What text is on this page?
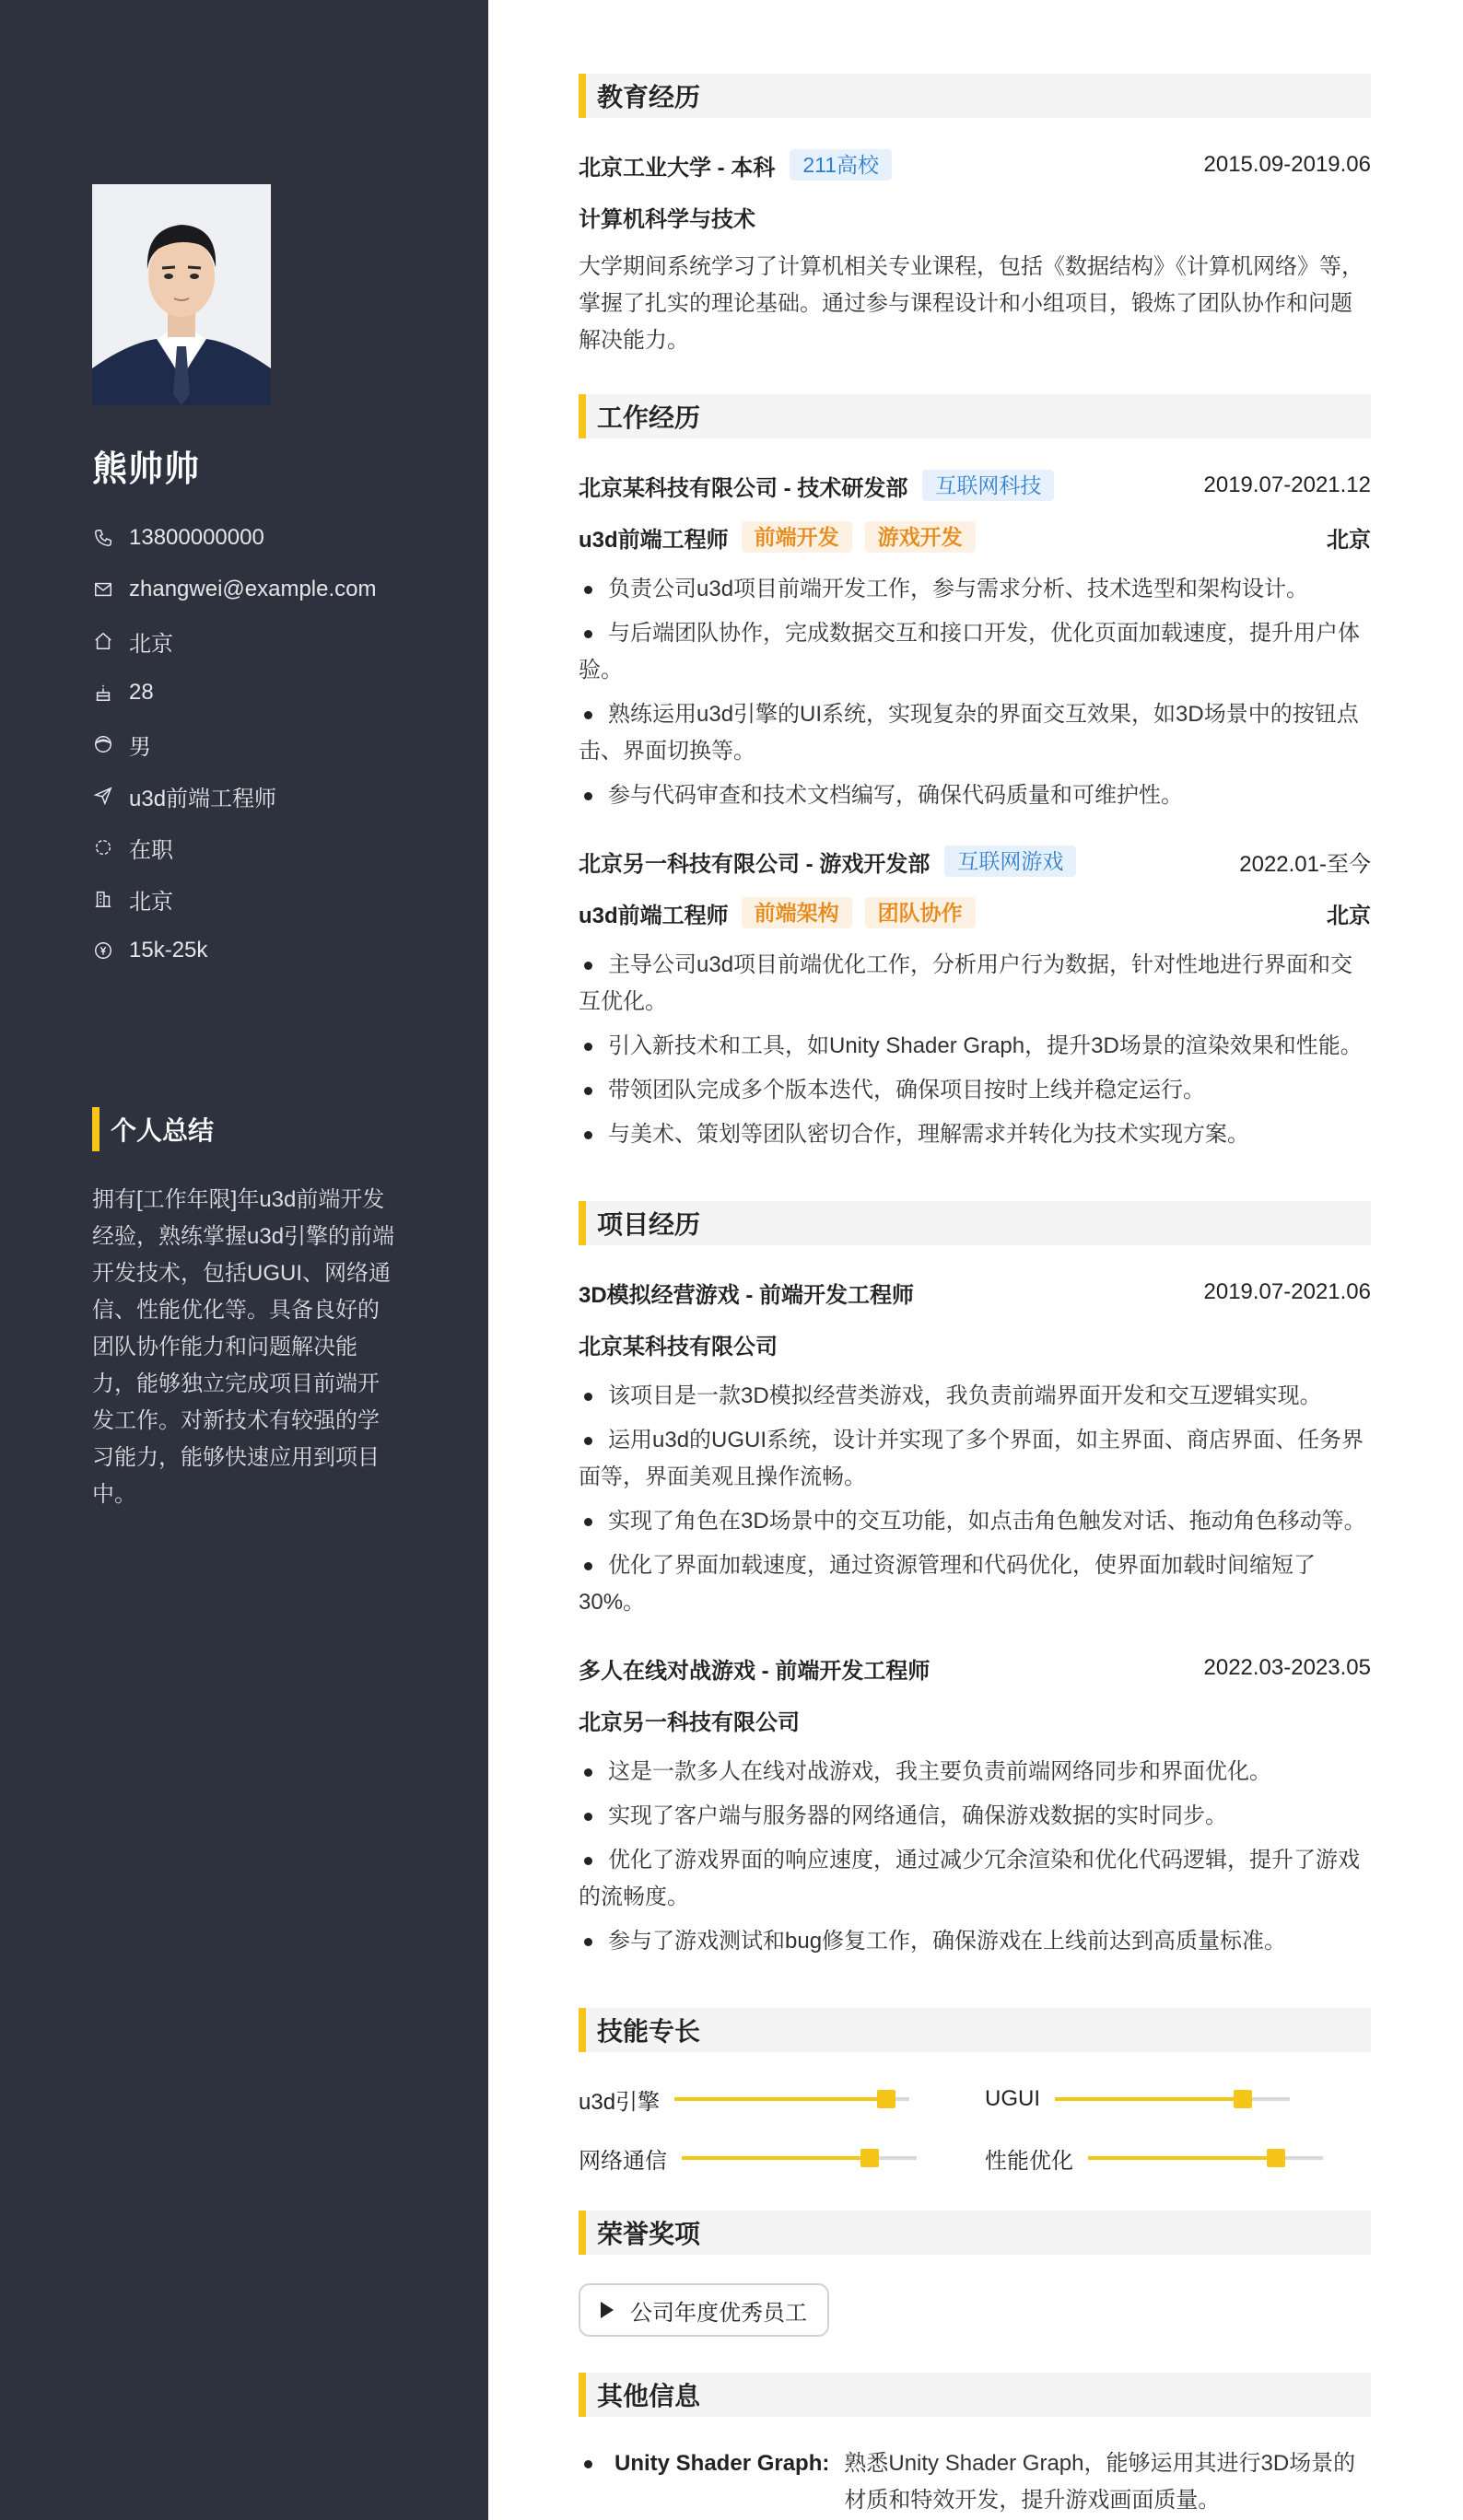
熊帅帅
13800000000
zhangwei@example.com
北京
28
男
u3d前端工程师
在职
北京
15k-25k
个人总结
拥有[工作年限]年u3d前端开发经验，熟练掌握u3d引擎的前端开发技术，包括UGUI、网络通信、性能优化等。具备良好的团队协作能力和问题解决能力，能够独立完成项目前端开发工作。对新技术有较强的学习能力，能够快速应用到项目中。
教育经历
北京工业大学 - 本科	211高校	2015.09-2019.06
计算机科学与技术
大学期间系统学习了计算机相关专业课程，包括《数据结构》《计算机网络》等，掌握了扎实的理论基础。通过参与课程设计和小组项目，锻炼了团队协作和问题解决能力。
工作经历
北京某科技有限公司 - 技术研发部	互联网科技	2019.07-2021.12
u3d前端工程师	前端开发	游戏开发	北京
负责公司u3d项目前端开发工作，参与需求分析、技术选型和架构设计。
与后端团队协作，完成数据交互和接口开发，优化页面加载速度，提升用户体验。
熟练运用u3d引擎的UI系统，实现复杂的界面交互效果，如3D场景中的按钮点击、界面切换等。
参与代码审查和技术文档编写，确保代码质量和可维护性。
北京另一科技有限公司 - 游戏开发部	互联网游戏	2022.01-至今
u3d前端工程师	前端架构	团队协作	北京
主导公司u3d项目前端优化工作，分析用户行为数据，针对性地进行界面和交互优化。
引入新技术和工具，如Unity Shader Graph，提升3D场景的渲染效果和性能。
带领团队完成多个版本迭代，确保项目按时上线并稳定运行。
与美术、策划等团队密切合作，理解需求并转化为技术实现方案。
项目经历
3D模拟经营游戏 - 前端开发工程师	2019.07-2021.06
北京某科技有限公司
该项目是一款3D模拟经营类游戏，我负责前端界面开发和交互逻辑实现。
运用u3d的UGUI系统，设计并实现了多个界面，如主界面、商店界面、任务界面等，界面美观且操作流畅。
实现了角色在3D场景中的交互功能，如点击角色触发对话、拖动角色移动等。
优化了界面加载速度，通过资源管理和代码优化，使界面加载时间缩短了30%。
多人在线对战游戏 - 前端开发工程师	2022.03-2023.05
北京另一科技有限公司
这是一款多人在线对战游戏，我主要负责前端网络同步和界面优化。
实现了客户端与服务器的网络通信，确保游戏数据的实时同步。
优化了游戏界面的响应速度，通过减少冗余渲染和优化代码逻辑，提升了游戏的流畅度。
参与了游戏测试和bug修复工作，确保游戏在上线前达到高质量标准。
技能专长
u3d引擎	UGUI
网络通信	性能优化
荣誉奖项
公司年度优秀员工
其他信息
Unity Shader Graph: 熟悉Unity Shader Graph，能够运用其进行3D场景的材质和特效开发，提升游戏画面质量。
